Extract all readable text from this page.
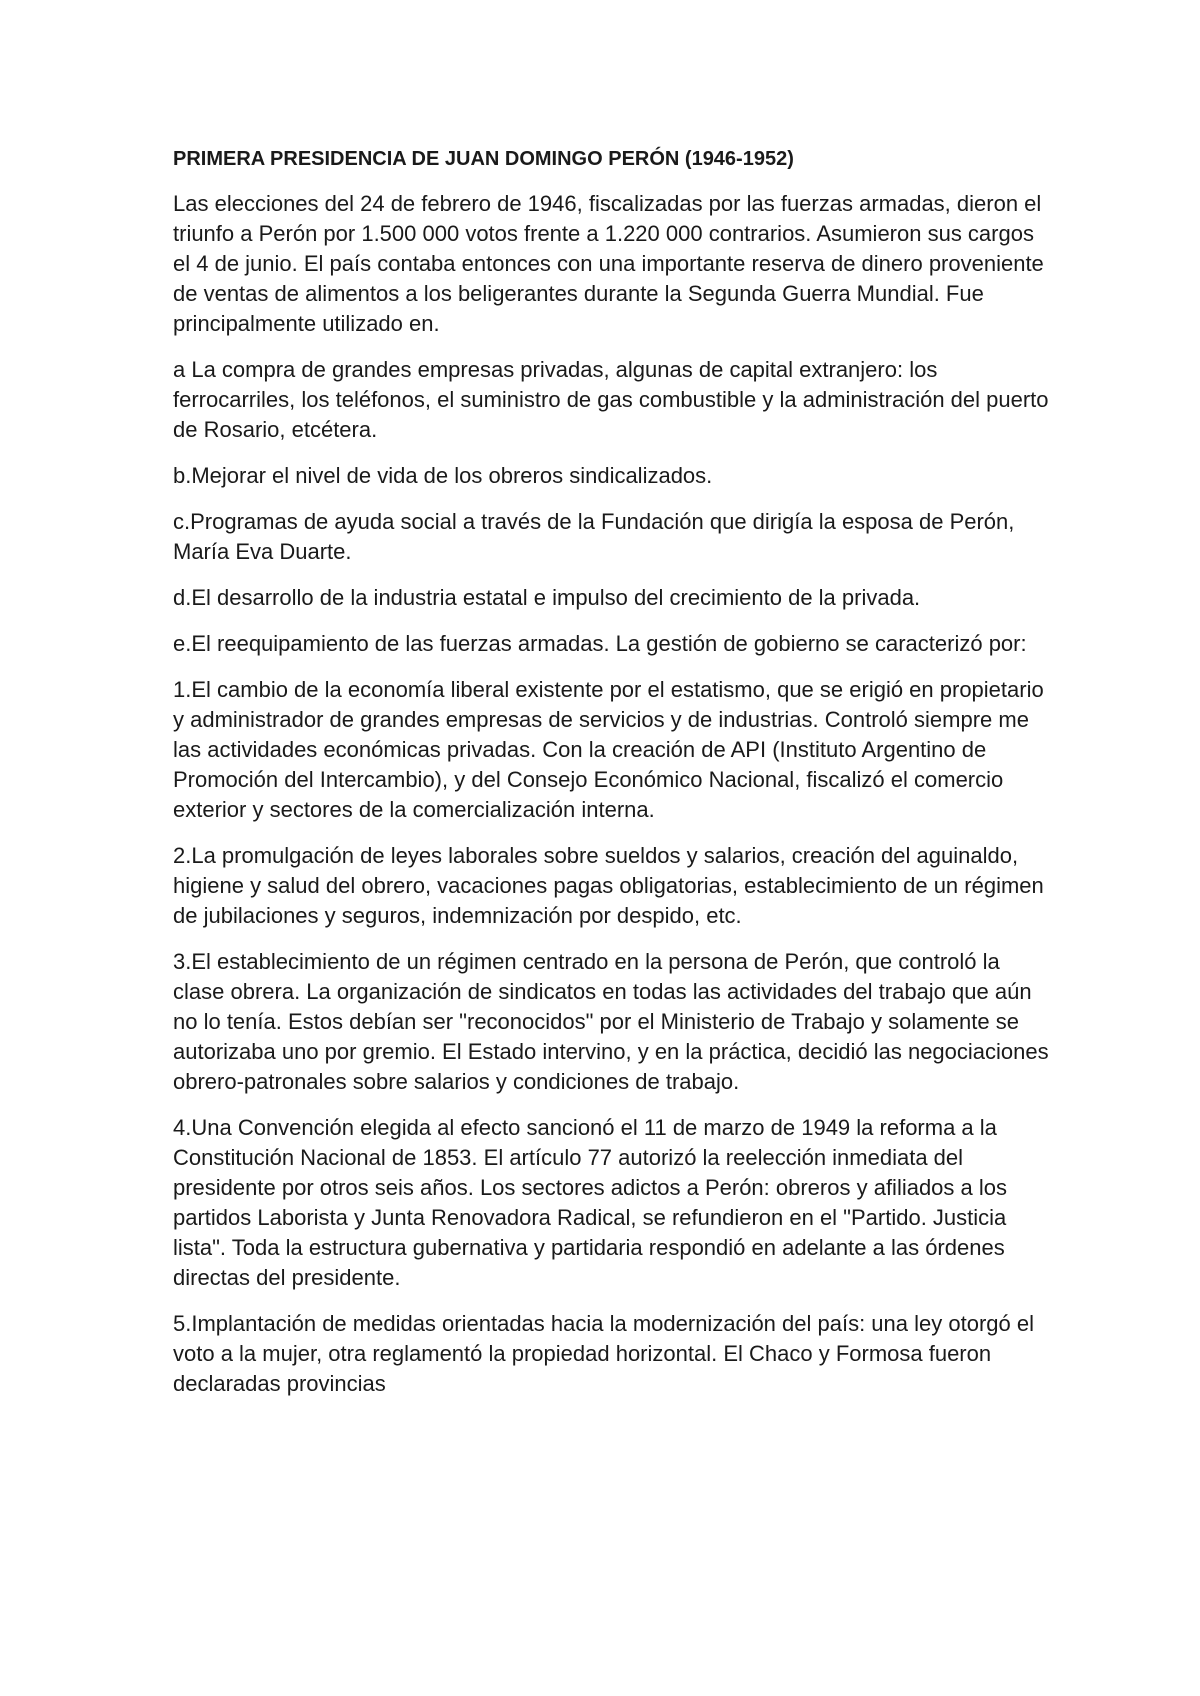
PRIMERA PRESIDENCIA DE JUAN DOMINGO PERÓN (1946-1952)

Las elecciones del 24 de febrero de 1946, fiscalizadas por las fuerzas armadas, dieron el triunfo a Perón por 1.500 000 votos frente a 1.220 000 contrarios. Asumieron sus cargos el 4 de junio. El país contaba entonces con una importante reserva de dinero proveniente de ventas de alimentos a los beligerantes durante la Segunda Guerra Mundial. Fue principalmente utilizado en.

a La compra de grandes empresas privadas, algunas de capital extranjero: los ferrocarriles, los teléfonos, el suministro de gas combustible y la administración del puerto de Rosario, etcétera.

b.Mejorar el nivel de vida de los obreros sindicalizados.

c.Programas de ayuda social a través de la Fundación que dirigía la esposa de Perón, María Eva Duarte.

d.El desarrollo de la industria estatal e impulso del crecimiento de la privada.

e.El reequipamiento de las fuerzas armadas. La gestión de gobierno se caracterizó por:

1.El cambio de la economía liberal existente por el estatismo, que se erigió en propietario y administrador de grandes empresas de servicios y de industrias. Controló siempre me las actividades económicas privadas. Con la creación de API (Instituto Argentino de Promoción del Intercambio), y del Consejo Económico Nacional, fiscalizó el comercio exterior y sectores de la comercialización interna.

2.La promulgación de leyes laborales sobre sueldos y salarios, creación del aguinaldo, higiene y salud del obrero, vacaciones pagas obligatorias, establecimiento de un régimen de jubilaciones y seguros, indemnización por despido, etc.

3.El establecimiento de un régimen centrado en la persona de Perón, que controló la clase obrera. La organización de sindicatos en todas las actividades del trabajo que aún no lo tenía. Estos debían ser "reconocidos" por el Ministerio de Trabajo y solamente se autorizaba uno por gremio. El Estado intervino, y en la práctica, decidió las negociaciones obrero-patronales sobre salarios y condiciones de trabajo.

4.Una Convención elegida al efecto sancionó el 11 de marzo de 1949 la reforma a la Constitución Nacional de 1853. El artículo 77 autorizó la reelección inmediata del presidente por otros seis años. Los sectores adictos a Perón: obreros y afiliados a los partidos Laborista y Junta Renovadora Radical, se refundieron en el "Partido. Justicia lista". Toda la estructura gubernativa y partidaria respondió en adelante a las órdenes directas del presidente.

5.Implantación de medidas orientadas hacia la modernización del país: una ley otorgó el voto a la mujer, otra reglamentó la propiedad horizontal. El Chaco y Formosa fueron declaradas provincias
